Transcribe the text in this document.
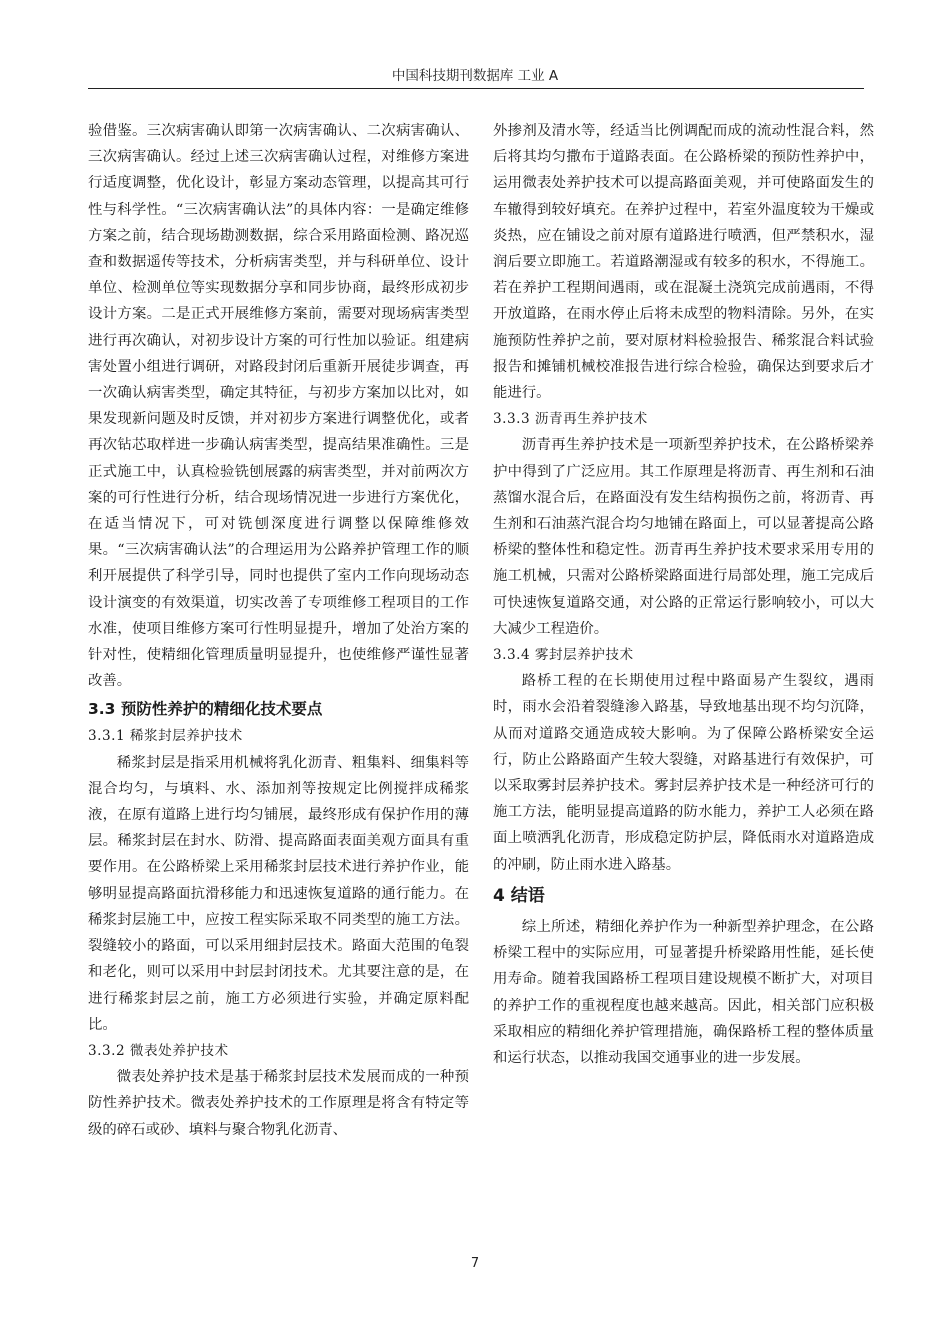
中国科技期刊数据库 工业 A

验借鉴。三次病害确认即第一次病害确认、二次病害确认、三次病害确认。经过上述三次病害确认过程，对维修方案进行适度调整，优化设计，彰显方案动态管理，以提高其可行性与科学性。“三次病害确认法”的具体内容：一是确定维修方案之前，结合现场勘测数据，综合采用路面检测、路况巡查和数据遥传等技术，分析病害类型，并与科研单位、设计单位、检测单位等实现数据分享和同步协商，最终形成初步设计方案。二是正式开展维修方案前，需要对现场病害类型进行再次确认，对初步设计方案的可行性加以验证。组建病害处置小组进行调研，对路段封闭后重新开展徒步调查，再一次确认病害类型，确定其特征，与初步方案加以比对，如果发现新问题及时反馈，并对初步方案进行调整优化，或者再次钻芯取样进一步确认病害类型，提高结果准确性。三是正式施工中，认真检验铣刨展露的病害类型，并对前两次方案的可行性进行分析，结合现场情况进一步进行方案优化，在适当情况下，可对铣刨深度进行调整以保障维修效果。“三次病害确认法”的合理运用为公路养护管理工作的顺利开展提供了科学引导，同时也提供了室内工作向现场动态设计演变的有效渠道，切实改善了专项维修工程项目的工作水准，使项目维修方案可行性明显提升，增加了处治方案的针对性，使精细化管理质量明显提升，也使维修严谨性显著改善。

3.3 预防性养护的精细化技术要点
3.3.1 稀浆封层养护技术

稀浆封层是指采用机械将乳化沥青、粗集料、细集料等混合均匀，与填料、水、添加剂等按规定比例搅拌成稀浆液，在原有道路上进行均匀铺展，最终形成有保护作用的薄层。稀浆封层在封水、防滑、提高路面表面美观方面具有重要作用。在公路桥梁上采用稀浆封层技术进行养护作业，能够明显提高路面抗滑移能力和迅速恢复道路的通行能力。在稀浆封层施工中，应按工程实际采取不同类型的施工方法。裂缝较小的路面，可以采用细封层技术。路面大范围的龟裂和老化，则可以采用中封层封闭技术。尤其要注意的是，在进行稀浆封层之前，施工方必须进行实验，并确定原料配比。

3.3.2 微表处养护技术

微表处养护技术是基于稀浆封层技术发展而成的一种预防性养护技术。微表处养护技术的工作原理是将含有特定等级的碎石或砂、填料与聚合物乳化沥青、

外掺剂及清水等，经适当比例调配而成的流动性混合料，然后将其均匀撒布于道路表面。在公路桥梁的预防性养护中，运用微表处养护技术可以提高路面美观，并可使路面发生的车辙得到较好填充。在养护过程中，若室外温度较为干燥或炎热，应在铺设之前对原有道路进行喷洒，但严禁积水，湿润后要立即施工。若道路潮湿或有较多的积水，不得施工。若在养护工程期间遇雨，或在混凝土浇筑完成前遇雨，不得开放道路，在雨水停止后将未成型的物料清除。另外，在实施预防性养护之前，要对原材料检验报告、稀浆混合料试验报告和摊铺机械校准报告进行综合检验，确保达到要求后才能进行。

3.3.3 沥青再生养护技术

沥青再生养护技术是一项新型养护技术，在公路桥梁养护中得到了广泛应用。其工作原理是将沥青、再生剂和石油蒸馏水混合后，在路面没有发生结构损伤之前，将沥青、再生剂和石油蒸汽混合均匀地铺在路面上，可以显著提高公路桥梁的整体性和稳定性。沥青再生养护技术要求采用专用的施工机械，只需对公路桥梁路面进行局部处理，施工完成后可快速恢复道路交通，对公路的正常运行影响较小，可以大大减少工程造价。

3.3.4 雾封层养护技术

路桥工程的在长期使用过程中路面易产生裂纹，遇雨时，雨水会沿着裂缝渗入路基，导致地基出现不均匀沉降，从而对道路交通造成较大影响。为了保障公路桥梁安全运行，防止公路路面产生较大裂缝，对路基进行有效保护，可以采取雾封层养护技术。雾封层养护技术是一种经济可行的施工方法，能明显提高道路的防水能力，养护工人必须在路面上喷洒乳化沥青，形成稳定防护层，降低雨水对道路造成的冲刷，防止雨水进入路基。

4 结语

综上所述，精细化养护作为一种新型养护理念，在公路桥梁工程中的实际应用，可显著提升桥梁路用性能，延长使用寿命。随着我国路桥工程项目建设规模不断扩大，对项目的养护工作的重视程度也越来越高。因此，相关部门应积极采取相应的精细化养护管理措施，确保路桥工程的整体质量和运行状态，以推动我国交通事业的进一步发展。

7
